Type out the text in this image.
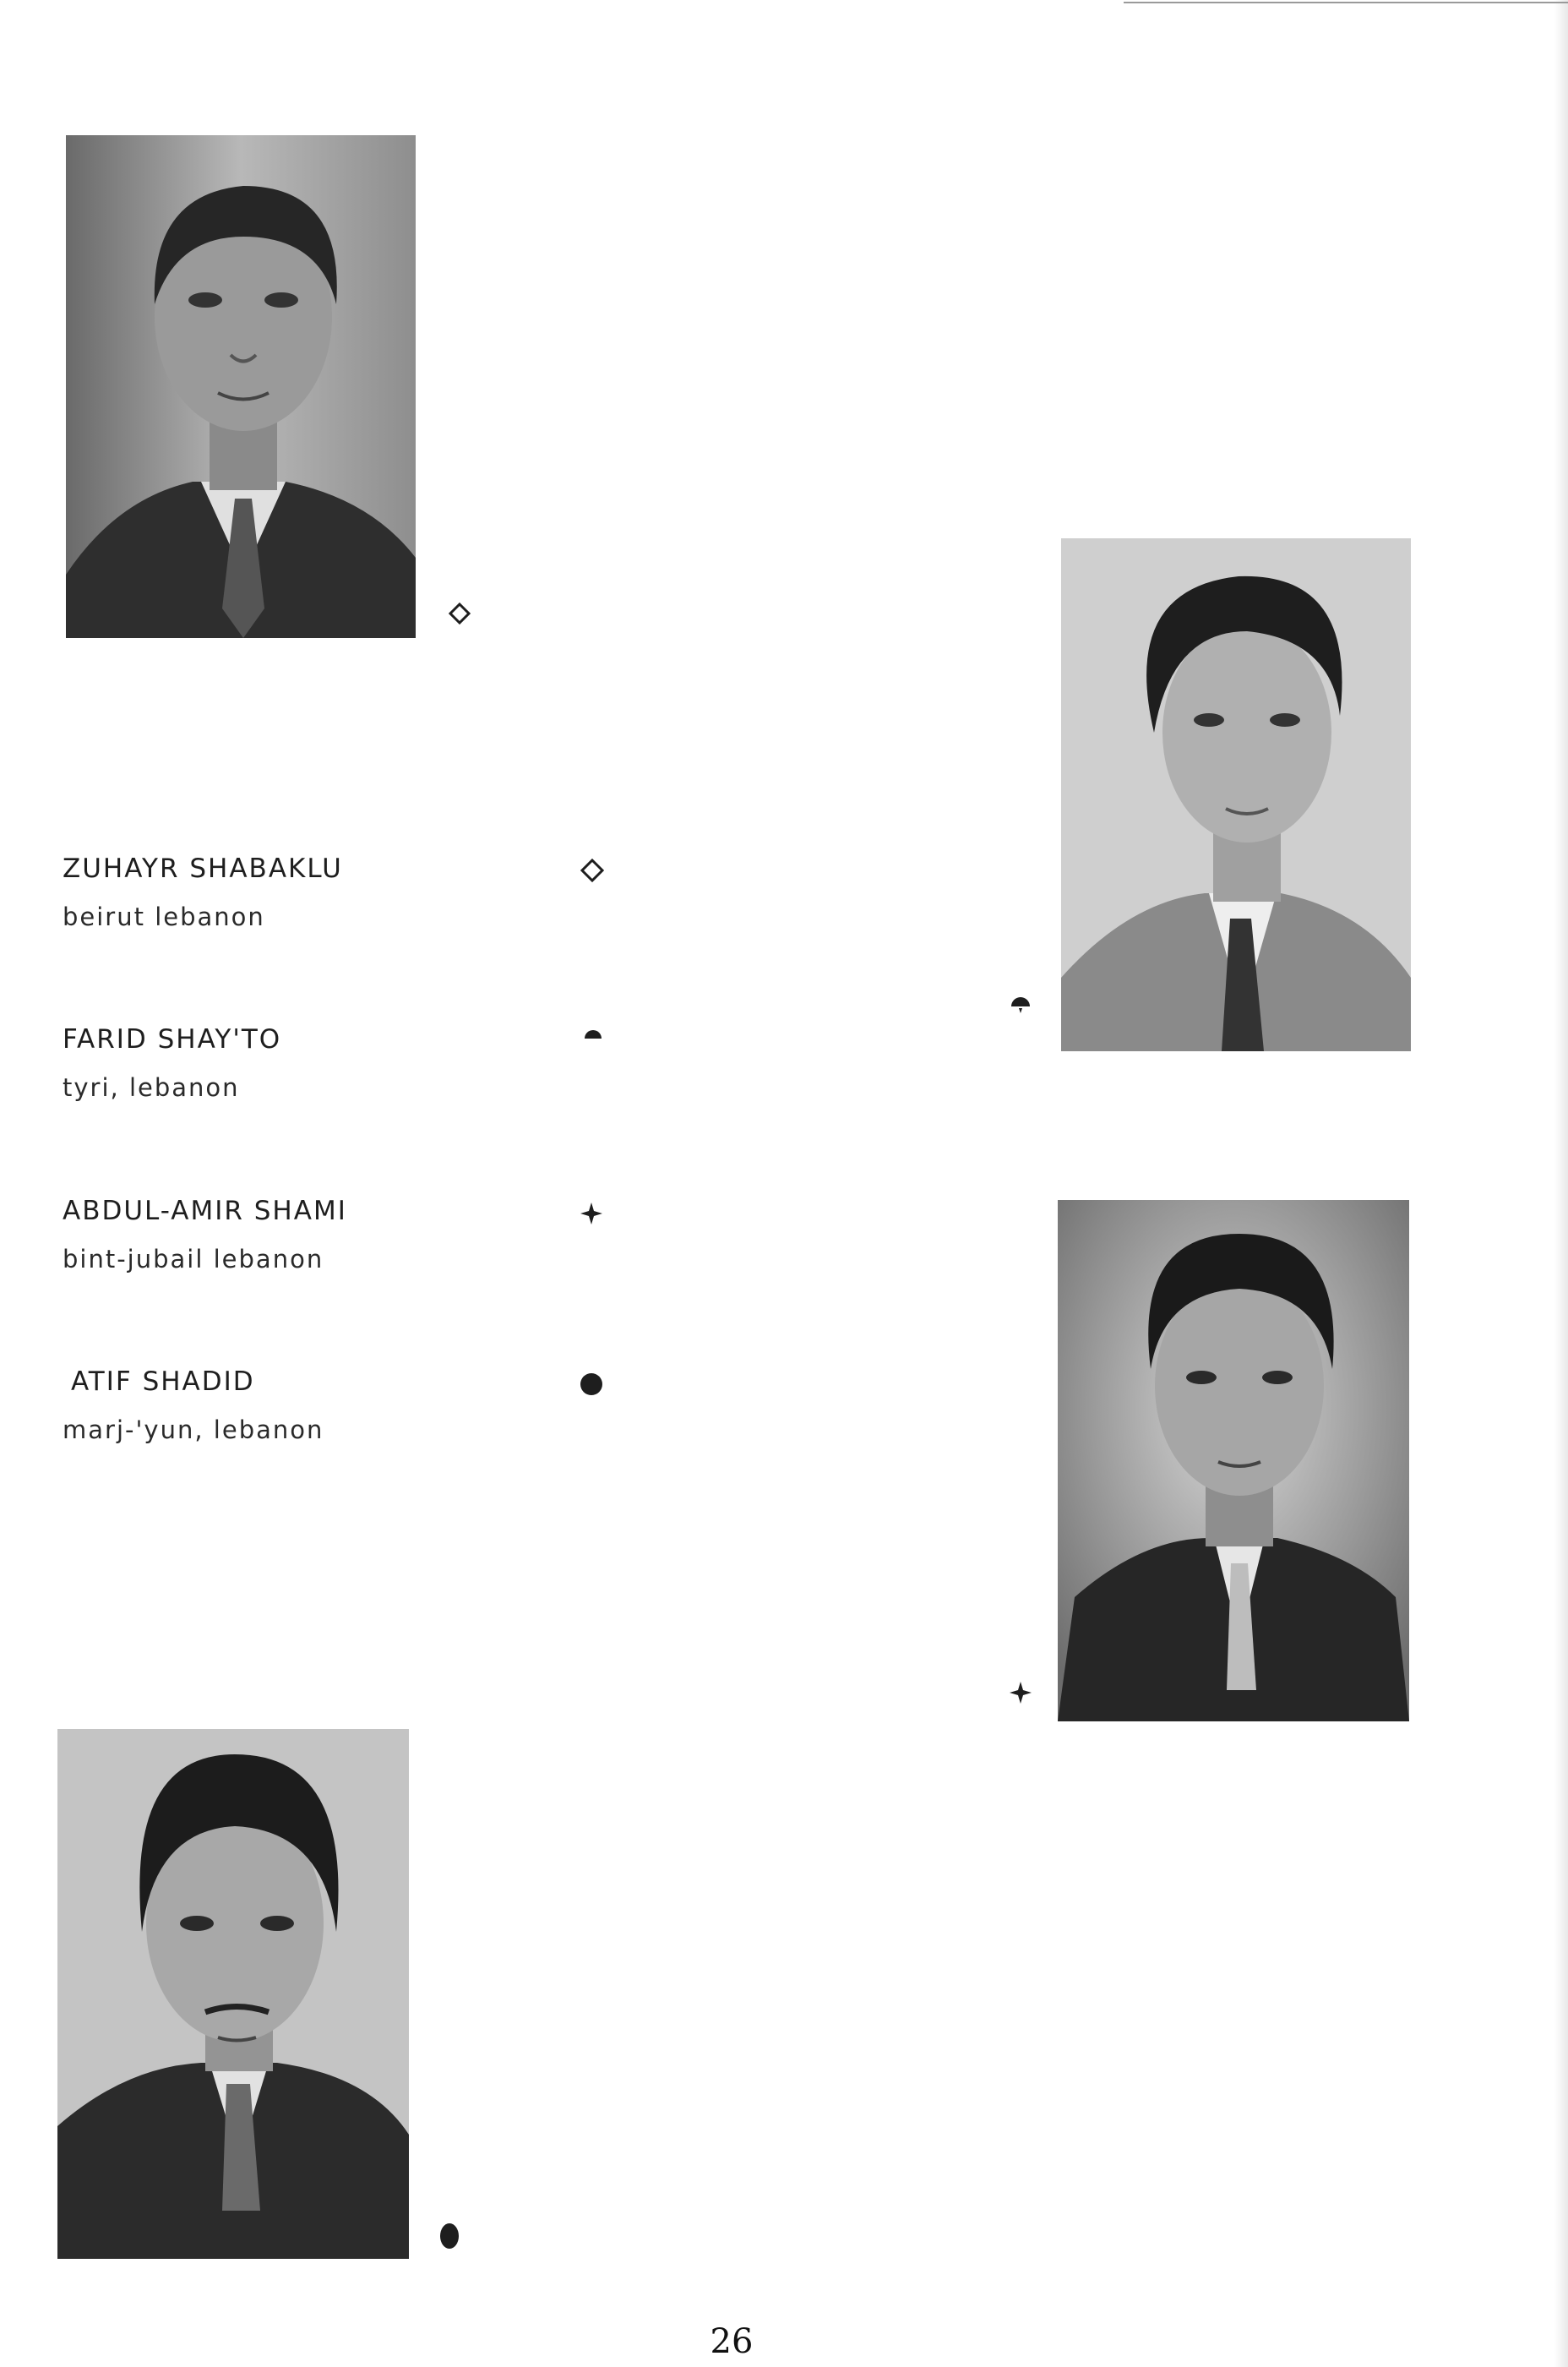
ZUHAYR SHABAKLU
beirut lebanon
FARID SHAY'TO
tyri, lebanon
ABDUL-AMIR SHAMI
bint-jubail lebanon
ATIF SHADID
marj-'yun, lebanon
26
